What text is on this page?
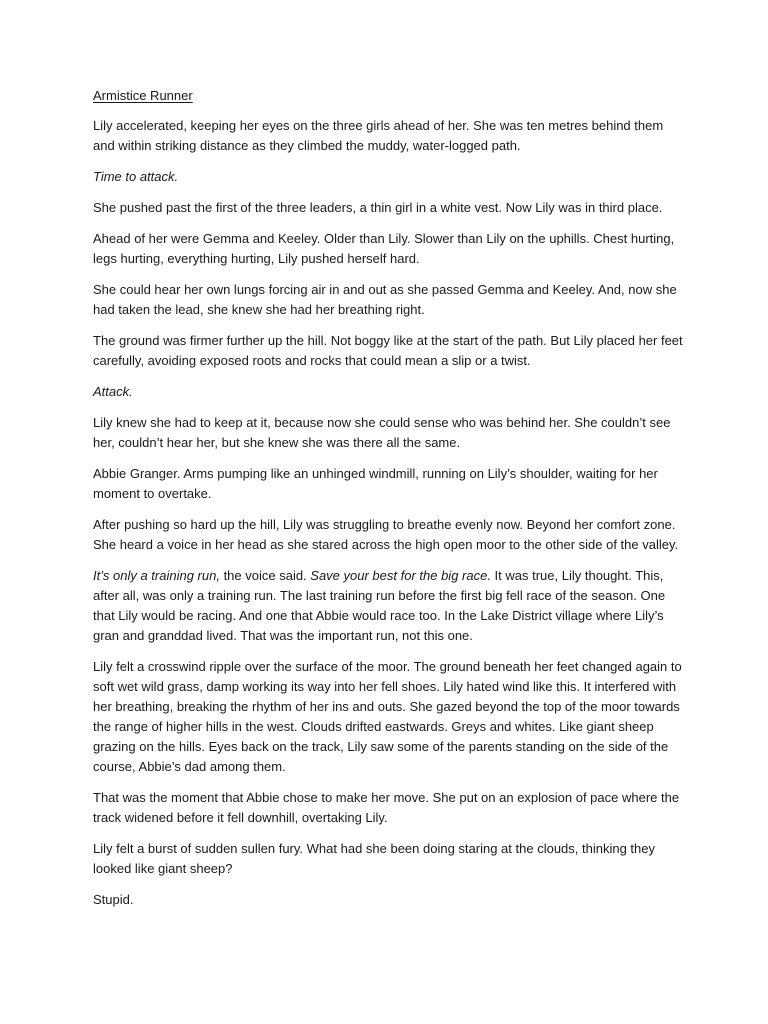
Armistice Runner

Lily accelerated, keeping her eyes on the three girls ahead of her. She was ten metres behind them and within striking distance as they climbed the muddy, water-logged path.

Time to attack.

She pushed past the first of the three leaders, a thin girl in a white vest. Now Lily was in third place.

Ahead of her were Gemma and Keeley. Older than Lily. Slower than Lily on the uphills. Chest hurting, legs hurting, everything hurting, Lily pushed herself hard.

She could hear her own lungs forcing air in and out as she passed Gemma and Keeley. And, now she had taken the lead, she knew she had her breathing right.

The ground was firmer further up the hill. Not boggy like at the start of the path. But Lily placed her feet carefully, avoiding exposed roots and rocks that could mean a slip or a twist.

Attack.

Lily knew she had to keep at it, because now she could sense who was behind her. She couldn’t see her, couldn’t hear her, but she knew she was there all the same.

Abbie Granger. Arms pumping like an unhinged windmill, running on Lily’s shoulder, waiting for her moment to overtake.

After pushing so hard up the hill, Lily was struggling to breathe evenly now. Beyond her comfort zone. She heard a voice in her head as she stared across the high open moor to the other side of the valley.

It’s only a training run, the voice said. Save your best for the big race. It was true, Lily thought. This, after all, was only a training run. The last training run before the first big fell race of the season. One that Lily would be racing. And one that Abbie would race too. In the Lake District village where Lily’s gran and granddad lived. That was the important run, not this one.

Lily felt a crosswind ripple over the surface of the moor. The ground beneath her feet changed again to soft wet wild grass, damp working its way into her fell shoes. Lily hated wind like this. It interfered with her breathing, breaking the rhythm of her ins and outs. She gazed beyond the top of the moor towards the range of higher hills in the west. Clouds drifted eastwards. Greys and whites. Like giant sheep grazing on the hills. Eyes back on the track, Lily saw some of the parents standing on the side of the course, Abbie’s dad among them.

That was the moment that Abbie chose to make her move. She put on an explosion of pace where the track widened before it fell downhill, overtaking Lily.

Lily felt a burst of sudden sullen fury. What had she been doing staring at the clouds, thinking they looked like giant sheep?

Stupid.
